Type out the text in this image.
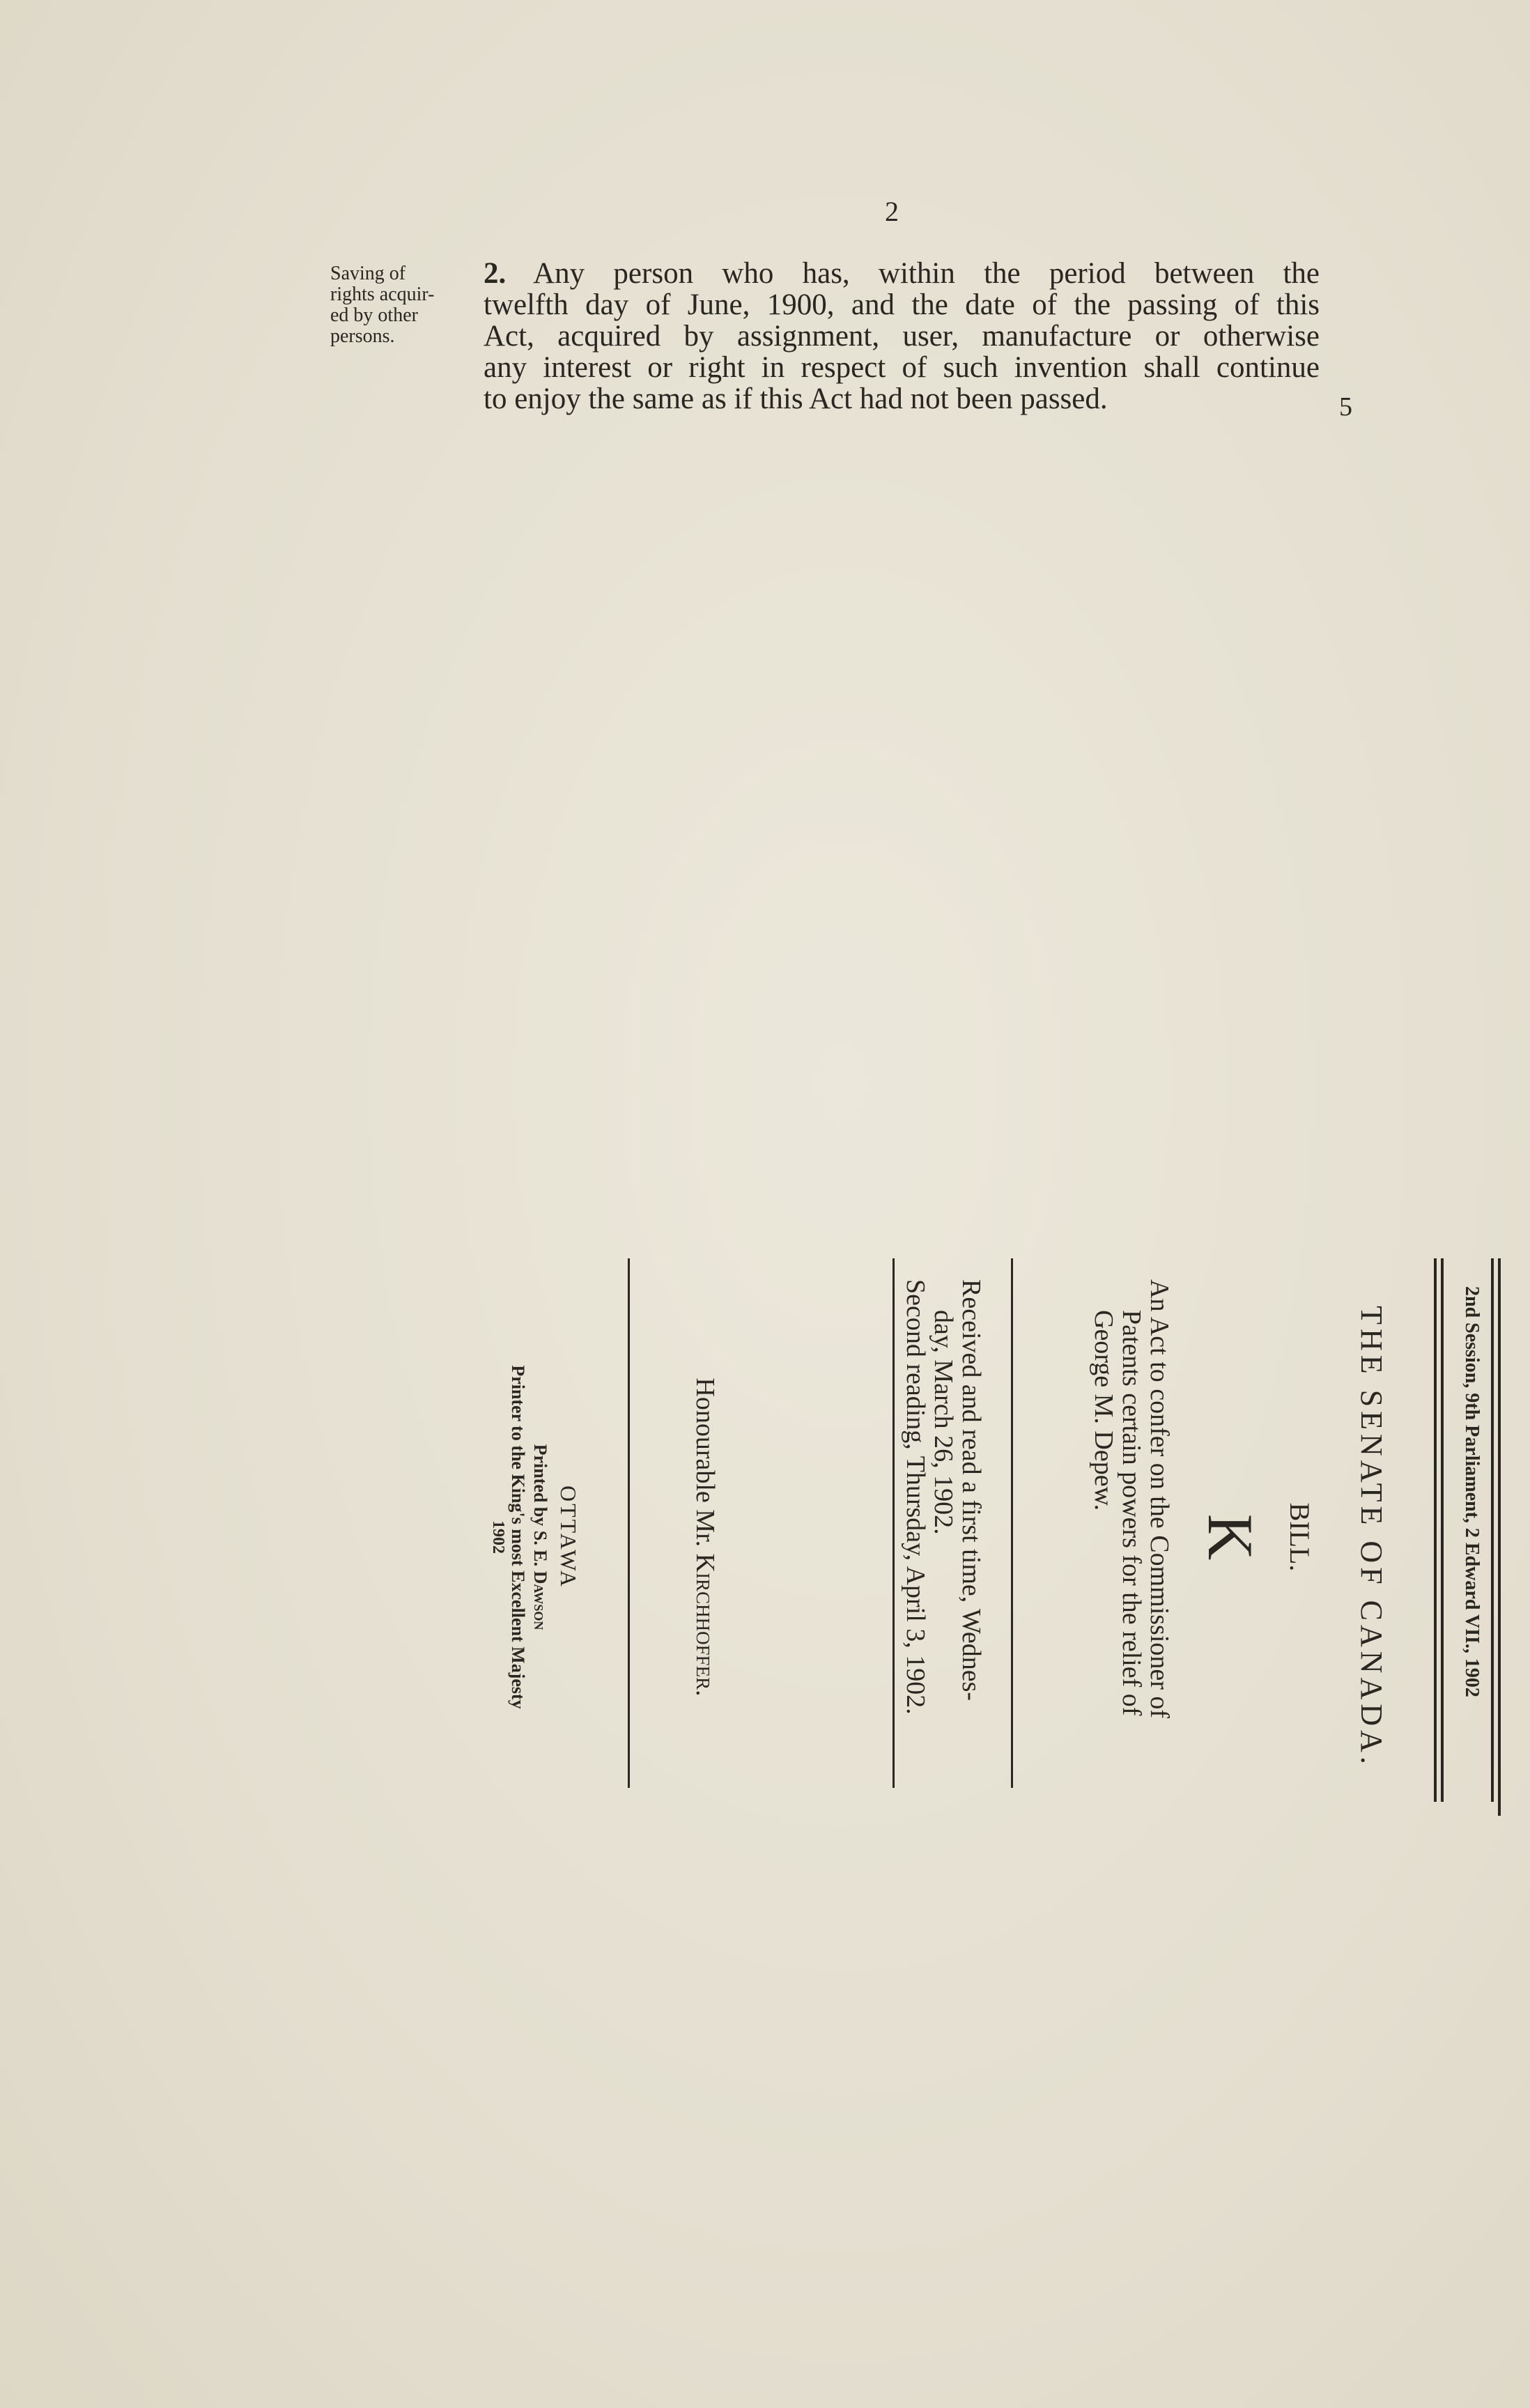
2
Saving of
rights acquir-
ed by other
persons.
2. Any person who has, within the period between the
twelfth day of June, 1900, and the date of the passing of this
Act, acquired by assignment, user, manufacture or otherwise
any interest or right in respect of such invention shall continue
to enjoy the same as if this Act had not been passed.	5
2nd Session, 9th Parliament, 2 Edward VII., 1902
THE SENATE OF CANADA.
BILL.
K
An Act to confer on the Commissioner of
Patents certain powers for the relief of
George M. Depew.
Received and read a first time, Wednes-
day, March 26, 1902.
Second reading, Thursday, April 3, 1902.
Honourable Mr. Kirchhoffer.
OTTAWA
Printed by S. E. Dawson
Printer to the King's most Excellent Majesty
1902
